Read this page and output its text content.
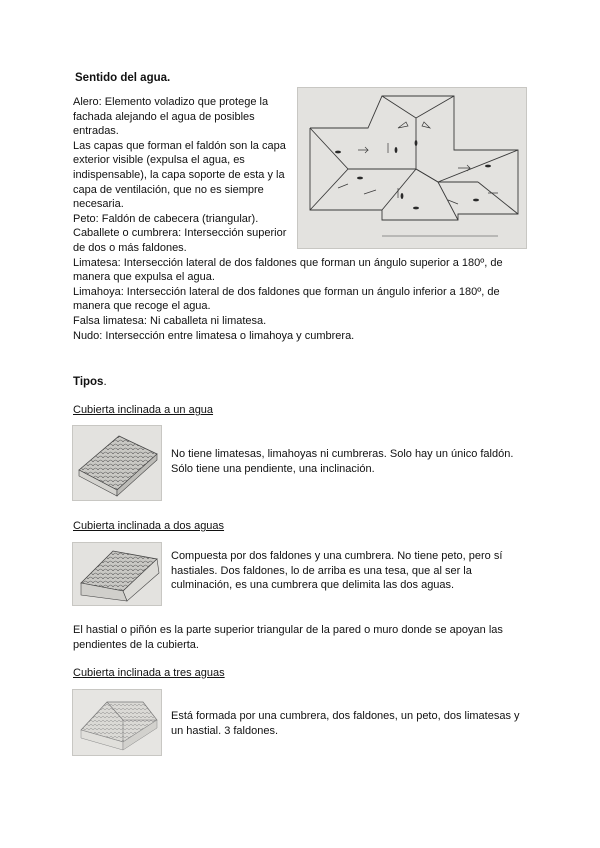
Sentido del agua.
Alero: Elemento voladizo que protege la
fachada alejando el agua de posibles
entradas.
Las capas que forman el faldón son la capa
exterior visible (expulsa el agua, es
indispensable), la capa soporte de esta y la
capa de ventilación, que no es siempre
necesaria.
Peto: Faldón de cabecera (triangular).
Caballete o cumbrera: Intersección superior
de dos o más faldones.
Limatesa: Intersección lateral de dos faldones que forman un ángulo superior a 180º, de
manera que expulsa el agua.
Limahoya: Intersección lateral de dos faldones que forman un ángulo inferior a 180º, de
manera que recoge el agua.
Falsa limatesa: Ni caballeta ni limatesa.
Nudo: Intersección entre limatesa o limahoya y cumbrera.
Tipos.
Cubierta inclinada a un agua
No tiene limatesas, limahoyas ni cumbreras. Solo hay un único faldón.
Sólo tiene una pendiente, una inclinación.
Cubierta inclinada a dos aguas
Compuesta por dos faldones y una cumbrera. No tiene peto, pero sí
hastiales. Dos faldones, lo de arriba es una tesa, que al ser la
culminación, es una cumbrera que delimita las dos aguas.
El hastial o piñón es la parte superior triangular de la pared o muro donde se apoyan las
pendientes de la cubierta.
Cubierta inclinada a tres aguas
Está formada por una cumbrera, dos faldones, un peto, dos limatesas y
un hastial. 3 faldones.
